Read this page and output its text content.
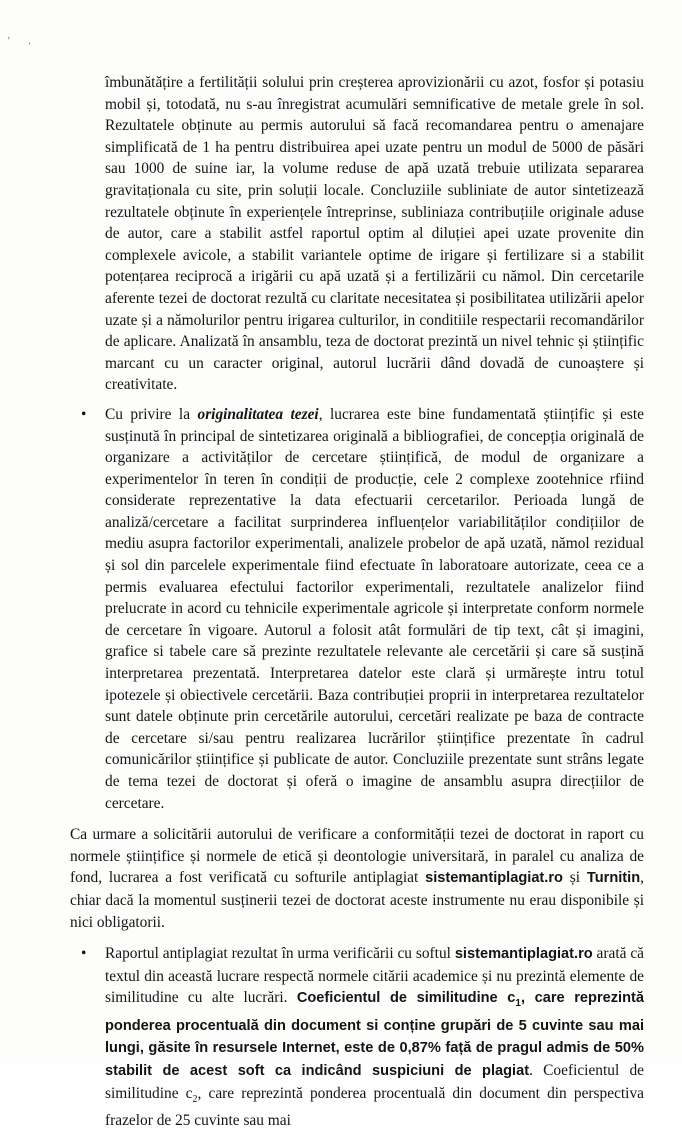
' .

îmbunătățire a fertilității solului prin creșterea aprovizionării cu azot, fosfor și potasiu mobil și, totodată, nu s-au înregistrat acumulări semnificative de metale grele în sol. Rezultatele obținute au permis autorului să facă recomandarea pentru o amenajare simplificată de 1 ha pentru distribuirea apei uzate pentru un modul de 5000 de păsări sau 1000 de suine iar, la volume reduse de apă uzată trebuie utilizata separarea gravitaționala cu site, prin soluții locale. Concluziile subliniate de autor sintetizează rezultatele obținute în experiențele întreprinse, subliniaza contribuțiile originale aduse de autor, care a stabilit astfel raportul optim al diluției apei uzate provenite din complexele avicole, a stabilit variantele optime de irigare și fertilizare si a stabilit potențarea reciprocă a irigării cu apă uzată și a fertilizării cu nămol. Din cercetarile aferente tezei de doctorat rezultă cu claritate necesitatea și posibilitatea utilizării apelor uzate și a nămolurilor pentru irigarea culturilor, in conditiile respectarii recomandărilor de aplicare. Analizată în ansamblu, teza de doctorat prezintă un nivel tehnic și științific marcant cu un caracter original, autorul lucrării dând dovadă de cunoaștere și creativitate.

• Cu privire la originalitatea tezei, lucrarea este bine fundamentată științific și este susținută în principal de sintetizarea originală a bibliografiei, de concepția originală de organizare a activităților de cercetare științifică, de modul de organizare a experimentelor în teren în condiții de producție, cele 2 complexe zootehnice rfiind considerate reprezentative la data efectuarii cercetarilor. Perioada lungă de analiză/cercetare a facilitat surprinderea influențelor variabilităților condițiilor de mediu asupra factorilor experimentali, analizele probelor de apă uzată, nămol rezidual și sol din parcelele experimentale fiind efectuate în laboratoare autorizate, ceea ce a permis evaluarea efectului factorilor experimentali, rezultatele analizelor fiind prelucrate in acord cu tehnicile experimentale agricole și interpretate conform normele de cercetare în vigoare. Autorul a folosit atât formulări de tip text, cât și imagini, grafice si tabele care să prezinte rezultatele relevante ale cercetării și care să susțină interpretarea prezentată. Interpretarea datelor este clară și urmărește intru totul ipotezele și obiectivele cercetării. Baza contribuției proprii in interpretarea rezultatelor sunt datele obținute prin cercetările autorului, cercetări realizate pe baza de contracte de cercetare si/sau pentru realizarea lucrărilor științifice prezentate în cadrul comunicărilor științifice și publicate de autor. Concluziile prezentate sunt strâns legate de tema tezei de doctorat și oferă o imagine de ansamblu asupra direcțiilor de cercetare.

Ca urmare a solicitării autorului de verificare a conformității tezei de doctorat in raport cu normele științifice și normele de etică și deontologie universitară, in paralel cu analiza de fond, lucrarea a fost verificată cu softurile antiplagiat sistemantiplagiat.ro și Turnitin, chiar dacă la momentul susținerii tezei de doctorat aceste instrumente nu erau disponibile și nici obligatorii.

• Raportul antiplagiat rezultat în urma verificării cu softul sistemantiplagiat.ro arată că textul din această lucrare respectă normele citării academice și nu prezintă elemente de similitudine cu alte lucrări. Coeficientul de similitudine $c_1$, care reprezintă ponderea procentuală din document si conține grupări de 5 cuvinte sau mai lungi, găsite în resursele Internet, este de 0,87% față de pragul admis de 50% stabilit de acest soft ca indicând suspiciuni de plagiat. Coeficientul de similitudine $c_2$, care reprezintă ponderea procentuală din document din perspectiva frazelor de 25 cuvinte sau mai
